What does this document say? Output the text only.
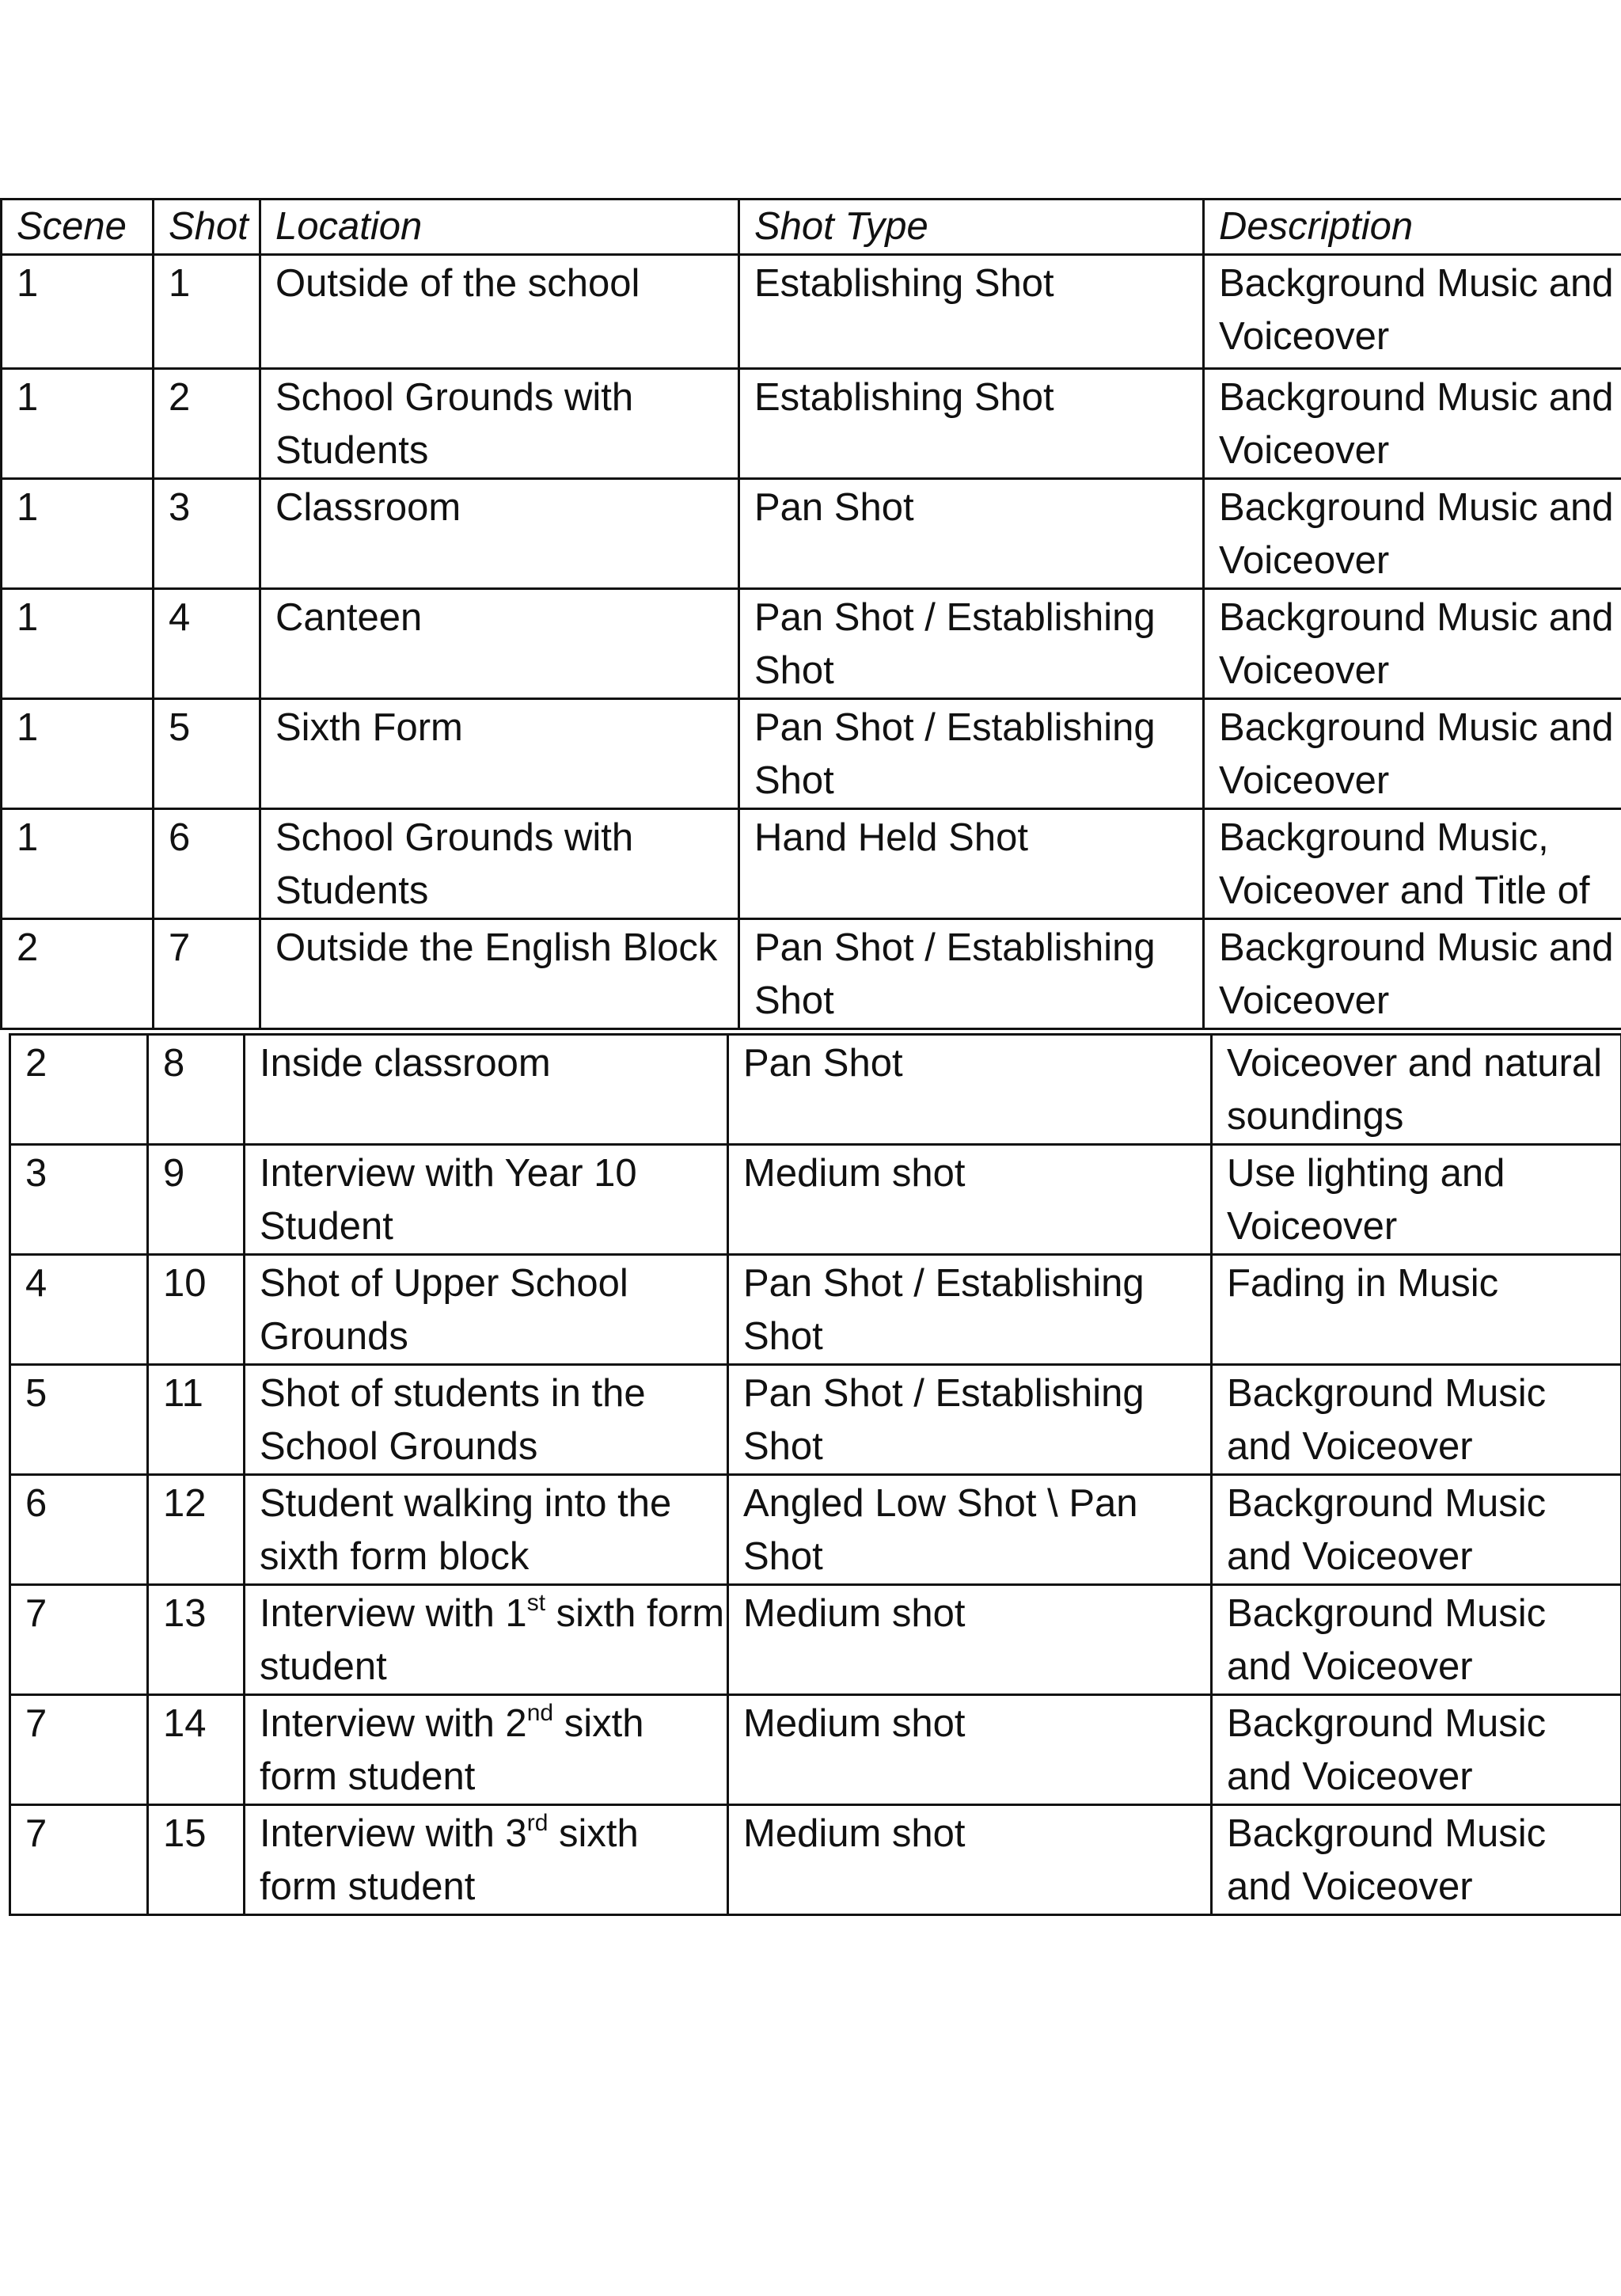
Scene	Shot	Location	Shot Type	Description
1	1	Outside of the school	Establishing Shot	Background Music and Voiceover
1	2	School Grounds with Students	Establishing Shot	Background Music and Voiceover
1	3	Classroom	Pan Shot	Background Music and Voiceover
1	4	Canteen	Pan Shot / Establishing Shot	Background Music and Voiceover
1	5	Sixth Form	Pan Shot / Establishing Shot	Background Music and Voiceover
1	6	School Grounds with Students	Hand Held Shot	Background Music, Voiceover and Title of
2	7	Outside the English Block	Pan Shot / Establishing Shot	Background Music and Voiceover
2	8	Inside classroom	Pan Shot	Voiceover and natural soundings
3	9	Interview with Year 10 Student	Medium shot	Use lighting and Voiceover
4	10	Shot of Upper School Grounds	Pan Shot / Establishing Shot	Fading in Music
5	11	Shot of students in the School Grounds	Pan Shot / Establishing Shot	Background Music and Voiceover
6	12	Student walking into the sixth form block	Angled Low Shot \ Pan Shot	Background Music and Voiceover
7	13	Interview with 1st sixth form student	Medium shot	Background Music and Voiceover
7	14	Interview with 2nd sixth form student	Medium shot	Background Music and Voiceover
7	15	Interview with 3rd sixth form student	Medium shot	Background Music and Voiceover
